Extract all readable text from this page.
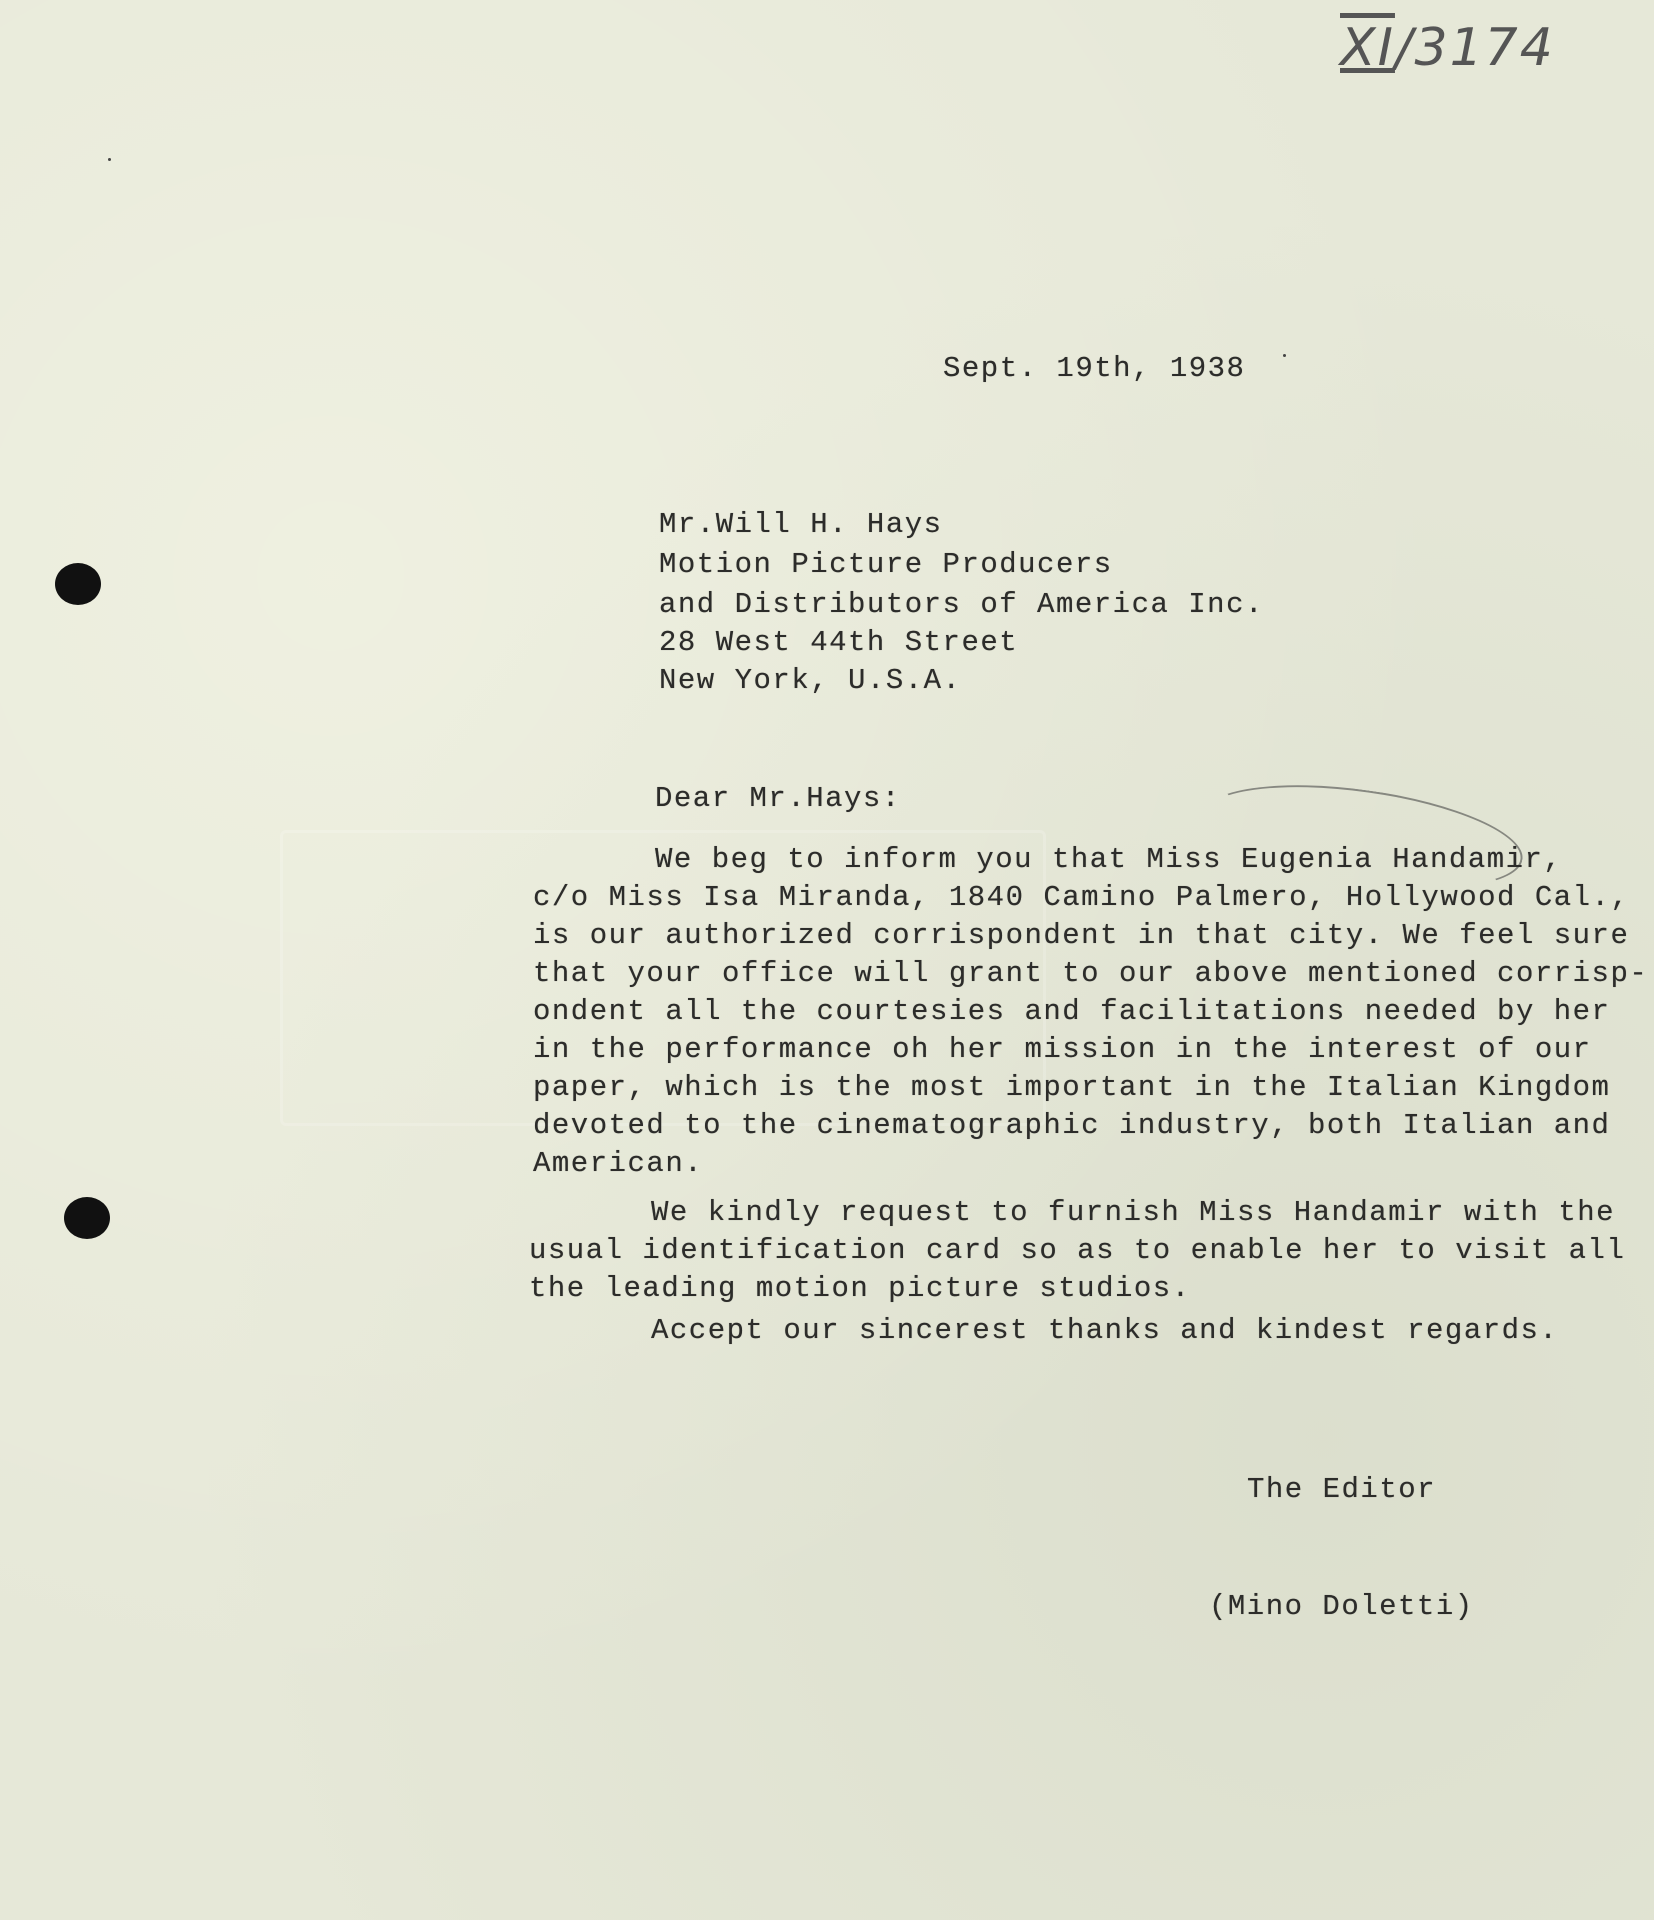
XI/3174
Sept. 19th, 1938
Mr.Will H. Hays
Motion Picture Producers
and Distributors of America Inc.
28 West 44th Street
New York, U.S.A.
Dear Mr.Hays:
We beg to inform you that Miss Eugenia Handamir,
c/o Miss Isa Miranda, 1840 Camino Palmero, Hollywood Cal.,
is our authorized corrispondent in that city. We feel sure
that your office will grant to our above mentioned corrisp-
ondent all the courtesies and facilitations needed by her
in the performance oh her mission in the interest of our
paper, which is the most important in the Italian Kingdom
devoted to the cinematographic industry, both Italian and
American.
We kindly request to furnish Miss Handamir with the
usual identification card so as to enable her to visit all
the leading motion picture studios.
Accept our sincerest thanks and kindest regards.
The Editor
(Mino Doletti)
